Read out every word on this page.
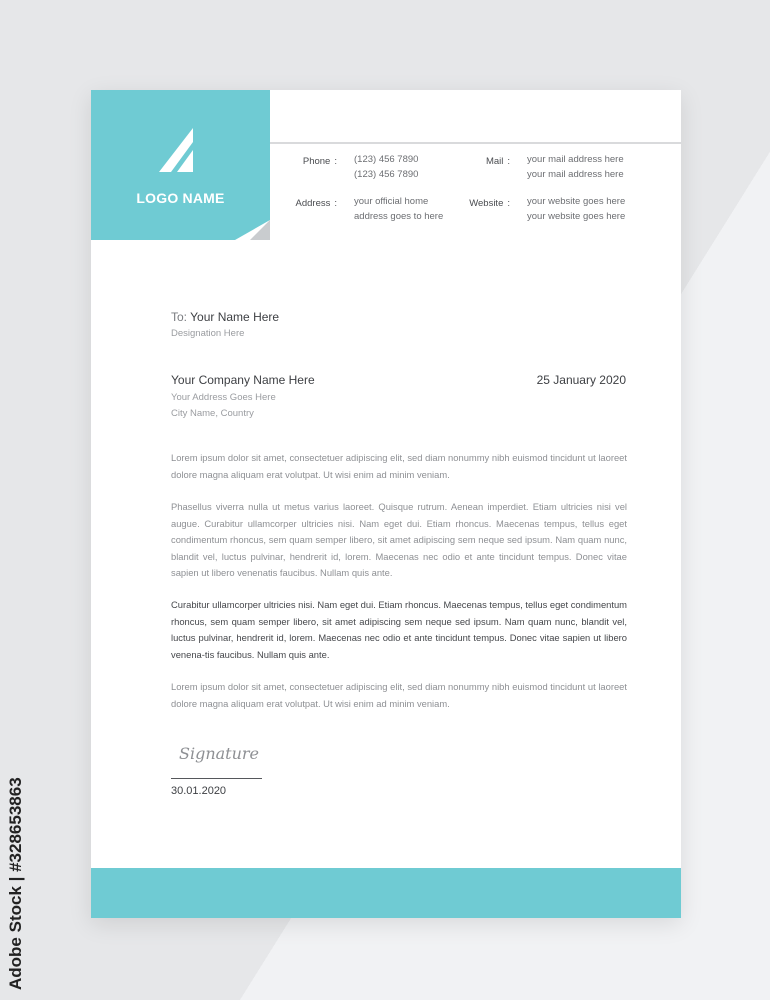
LOGO NAME
Phone : (123) 456 7890
(123) 456 7890
Mail : your mail address here
your mail address here
Address : your official home
address goes to here
Website : your website goes here
your website goes here
To: Your Name Here
Designation Here
Your Company Name Here	25 January 2020
Your Address Goes Here
City Name, Country

Lorem ipsum dolor sit amet, consectetuer adipiscing elit, sed diam nonummy nibh euismod tincidunt ut laoreet dolore magna aliquam erat volutpat. Ut wisi enim ad minim veniam.

Phasellus viverra nulla ut metus varius laoreet. Quisque rutrum. Aenean imperdiet. Etiam ultricies nisi vel augue. Curabitur ullamcorper ultricies nisi. Nam eget dui. Etiam rhoncus. Maecenas tempus, tellus eget condimentum rhoncus, sem quam semper libero, sit amet adipiscing sem neque sed ipsum. Nam quam nunc, blandit vel, luctus pulvinar, hendrerit id, lorem. Maecenas nec odio et ante tincidunt tempus. Donec vitae sapien ut libero venenatis faucibus. Nullam quis ante.

Curabitur ullamcorper ultricies nisi. Nam eget dui. Etiam rhoncus. Maecenas tempus, tellus eget condimentum rhoncus, sem quam semper libero, sit amet adipiscing sem neque sed ipsum. Nam quam nunc, blandit vel, luctus pulvinar, hendrerit id, lorem. Maecenas nec odio et ante tincidunt tempus. Donec vitae sapien ut libero venena-tis faucibus. Nullam quis ante.

Lorem ipsum dolor sit amet, consectetuer adipiscing elit, sed diam nonummy nibh euismod tincidunt ut laoreet dolore magna aliquam erat volutpat. Ut wisi enim ad minim veniam.

Signature
30.01.2020
Adobe Stock | #328653863
